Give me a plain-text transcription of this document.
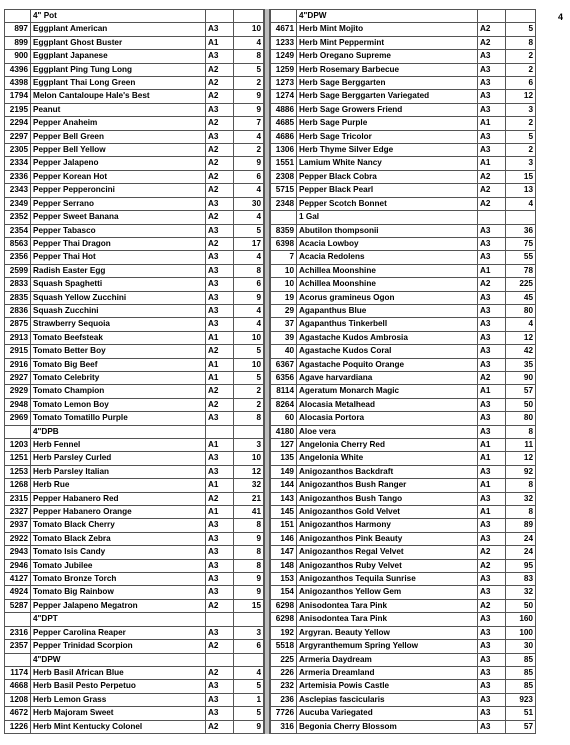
4
	4" Pot		
897	Eggplant American	A3	10
899	Eggplant Ghost Buster	A1	4
900	Eggplant Japanese	A3	8
4396	Eggplant Ping Tung Long	A2	5
4398	Eggplant Thai Long Green	A2	2
1794	Melon Cantaloupe Hale's Best	A2	9
2195	Peanut	A3	9
2294	Pepper Anaheim	A2	7
2297	Pepper Bell Green	A3	4
2305	Pepper Bell Yellow	A2	2
2334	Pepper Jalapeno	A2	9
2336	Pepper Korean Hot	A2	6
2343	Pepper Pepperoncini	A2	4
2349	Pepper Serrano	A3	30
2352	Pepper Sweet Banana	A2	4
2354	Pepper Tabasco	A3	5
8563	Pepper Thai Dragon	A2	17
2356	Pepper Thai Hot	A3	4
2599	Radish Easter Egg	A3	8
2833	Squash Spaghetti	A3	6
2835	Squash Yellow Zucchini	A3	9
2836	Squash Zucchini	A3	4
2875	Strawberry Sequoia	A3	4
2913	Tomato Beefsteak	A1	10
2915	Tomato Better Boy	A2	5
2916	Tomato Big Beef	A1	10
2927	Tomato Celebrity	A1	5
2929	Tomato Champion	A2	2
2948	Tomato Lemon Boy	A2	2
2969	Tomato Tomatillo Purple	A3	8
	4"DPB		
1203	Herb Fennel	A1	3
1251	Herb Parsley Curled	A3	10
1253	Herb Parsley Italian	A3	12
1268	Herb Rue	A1	32
2315	Pepper Habanero Red	A2	21
2327	Pepper Habanero Orange	A1	41
2937	Tomato Black Cherry	A3	8
2922	Tomato Black Zebra	A3	9
2943	Tomato Isis Candy	A3	8
2946	Tomato Jubilee	A3	8
4127	Tomato Bronze Torch	A3	9
4924	Tomato Big Rainbow	A3	9
5287	Pepper Jalapeno Megatron	A2	15
	4"DPT		
2316	Pepper Carolina Reaper	A3	3
2357	Pepper Trinidad Scorpion	A2	6
	4"DPW		
1174	Herb Basil African Blue	A2	4
4668	Herb Basil Pesto Perpetuo	A3	5
1208	Herb Lemon Grass	A3	1
4672	Herb Majoram Sweet	A3	5
1226	Herb Mint Kentucky Colonel	A2	9
	4"DPW		
4671	Herb Mint Mojito	A2	5
1233	Herb Mint Peppermint	A2	8
1249	Herb Oregano Supreme	A3	2
1259	Herb Rosemary Barbecue	A3	2
1273	Herb Sage Berggarten	A3	6
1274	Herb Sage Berggarten Variegated	A3	12
4886	Herb Sage Growers Friend	A3	3
4685	Herb Sage Purple	A1	2
4686	Herb Sage Tricolor	A3	5
1306	Herb Thyme Silver Edge	A3	2
1551	Lamium White Nancy	A1	3
2308	Pepper Black Cobra	A2	15
5715	Pepper Black Pearl	A2	13
2348	Pepper Scotch Bonnet	A2	4
	1 Gal		
8359	Abutilon thompsonii	A3	36
6398	Acacia Lowboy	A3	75
7	Acacia Redolens	A3	55
10	Achillea Moonshine	A1	78
10	Achillea Moonshine	A2	225
19	Acorus gramineus Ogon	A3	45
29	Agapanthus Blue	A3	80
37	Agapanthus Tinkerbell	A3	4
39	Agastache Kudos Ambrosia	A3	12
40	Agastache Kudos Coral	A3	42
6367	Agastache Poquito Orange	A3	35
6356	Agave harvardiana	A2	90
8114	Ageratum Monarch Magic	A1	57
8264	Alocasia Metalhead	A3	50
60	Alocasia Portora	A3	80
4180	Aloe vera	A3	8
127	Angelonia Cherry Red	A1	11
135	Angelonia White	A1	12
149	Anigozanthos Backdraft	A3	92
144	Anigozanthos Bush Ranger	A1	8
143	Anigozanthos Bush Tango	A3	32
145	Anigozanthos Gold Velvet	A1	8
151	Anigozanthos Harmony	A3	89
146	Anigozanthos Pink Beauty	A3	24
147	Anigozanthos Regal Velvet	A2	24
148	Anigozanthos Ruby Velvet	A2	95
153	Anigozanthos Tequila Sunrise	A3	83
154	Anigozanthos Yellow Gem	A3	32
6298	Anisodontea Tara Pink	A2	50
6298	Anisodontea Tara Pink	A3	160
192	Argyran. Beauty Yellow	A3	100
5518	Argyranthemum Spring Yellow	A3	30
225	Armeria Daydream	A3	85
226	Armeria Dreamland	A3	85
232	Artemisia Powis Castle	A3	85
236	Asclepias fascicularis	A3	923
7726	Aucuba Variegated	A3	51
316	Begonia Cherry Blossom	A3	57
